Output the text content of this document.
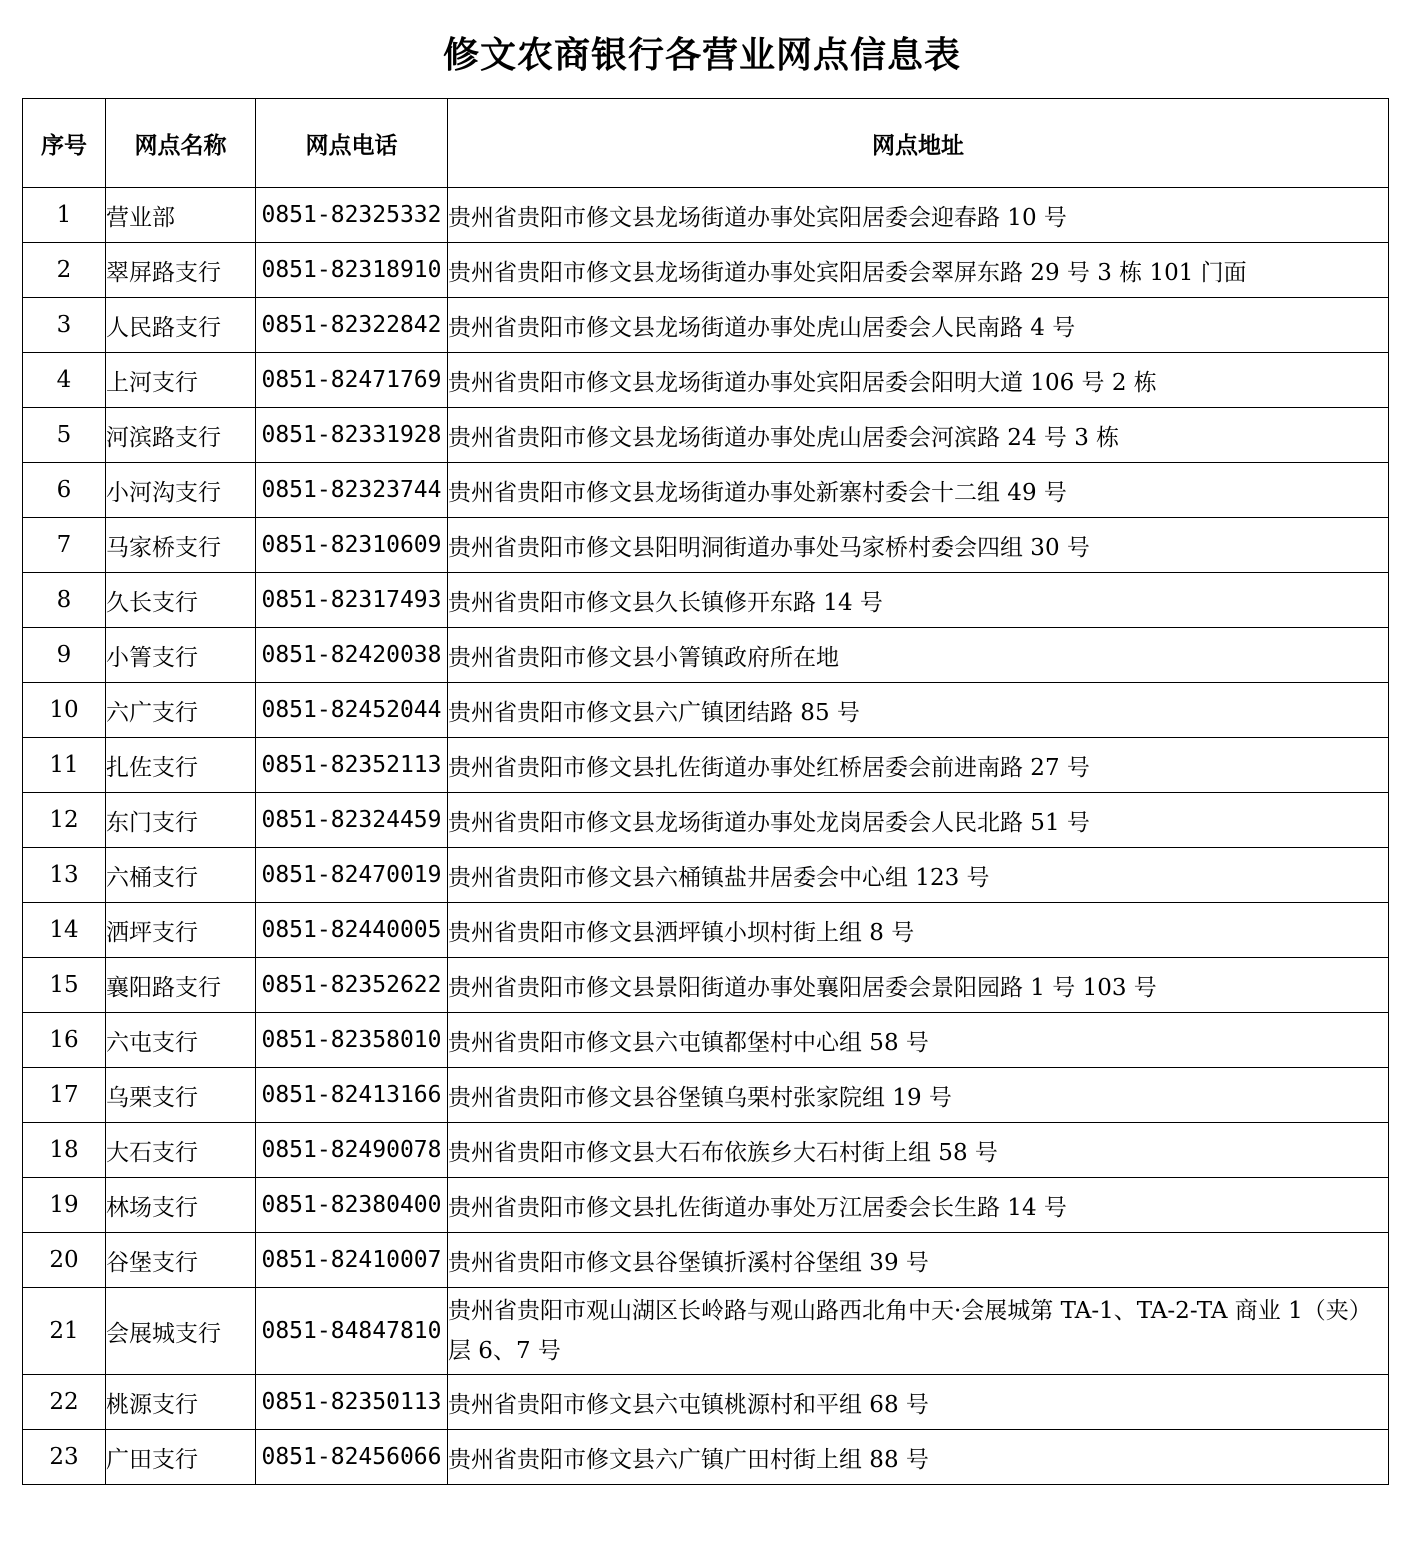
修文农商银行各营业网点信息表
序号	网点名称	网点电话	网点地址
1	营业部	0851-82325332	贵州省贵阳市修文县龙场街道办事处宾阳居委会迎春路 10 号
2	翠屏路支行	0851-82318910	贵州省贵阳市修文县龙场街道办事处宾阳居委会翠屏东路 29 号 3 栋 101 门面
3	人民路支行	0851-82322842	贵州省贵阳市修文县龙场街道办事处虎山居委会人民南路 4 号
4	上河支行	0851-82471769	贵州省贵阳市修文县龙场街道办事处宾阳居委会阳明大道 106 号 2 栋
5	河滨路支行	0851-82331928	贵州省贵阳市修文县龙场街道办事处虎山居委会河滨路 24 号 3 栋
6	小河沟支行	0851-82323744	贵州省贵阳市修文县龙场街道办事处新寨村委会十二组 49 号
7	马家桥支行	0851-82310609	贵州省贵阳市修文县阳明洞街道办事处马家桥村委会四组 30 号
8	久长支行	0851-82317493	贵州省贵阳市修文县久长镇修开东路 14 号
9	小箐支行	0851-82420038	贵州省贵阳市修文县小箐镇政府所在地
10	六广支行	0851-82452044	贵州省贵阳市修文县六广镇团结路 85 号
11	扎佐支行	0851-82352113	贵州省贵阳市修文县扎佐街道办事处红桥居委会前进南路 27 号
12	东门支行	0851-82324459	贵州省贵阳市修文县龙场街道办事处龙岗居委会人民北路 51 号
13	六桶支行	0851-82470019	贵州省贵阳市修文县六桶镇盐井居委会中心组 123 号
14	洒坪支行	0851-82440005	贵州省贵阳市修文县洒坪镇小坝村街上组 8 号
15	襄阳路支行	0851-82352622	贵州省贵阳市修文县景阳街道办事处襄阳居委会景阳园路 1 号 103 号
16	六屯支行	0851-82358010	贵州省贵阳市修文县六屯镇都堡村中心组 58 号
17	乌栗支行	0851-82413166	贵州省贵阳市修文县谷堡镇乌栗村张家院组 19 号
18	大石支行	0851-82490078	贵州省贵阳市修文县大石布依族乡大石村街上组 58 号
19	林场支行	0851-82380400	贵州省贵阳市修文县扎佐街道办事处万江居委会长生路 14 号
20	谷堡支行	0851-82410007	贵州省贵阳市修文县谷堡镇折溪村谷堡组 39 号
21	会展城支行	0851-84847810	贵州省贵阳市观山湖区长岭路与观山路西北角中天·会展城第 TA-1、TA-2-TA 商业 1（夹）层 6、7 号
22	桃源支行	0851-82350113	贵州省贵阳市修文县六屯镇桃源村和平组 68 号
23	广田支行	0851-82456066	贵州省贵阳市修文县六广镇广田村街上组 88 号
